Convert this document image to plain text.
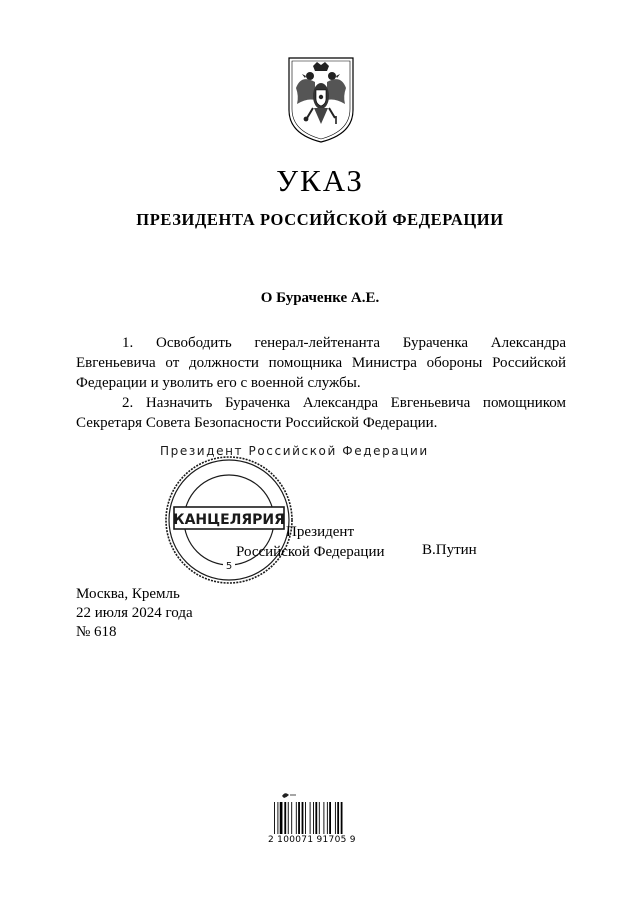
УКАЗ
ПРЕЗИДЕНТА РОССИЙСКОЙ ФЕДЕРАЦИИ
О Бураченке А.Е.

1. Освободить генерал-лейтенанта Бураченка Александра Евгеньевича от должности помощника Министра обороны Российской Федерации и уволить его с военной службы.

2. Назначить Бураченка Александра Евгеньевича помощником Секретаря Совета Безопасности Российской Федерации.

Президент Российской Федерации
КАНЦЕЛЯРИЯ
5
Президент
Российской Федерации В.Путин
Москва, Кремль
22 июля 2024 года
№ 618
2 100071 91705 9
